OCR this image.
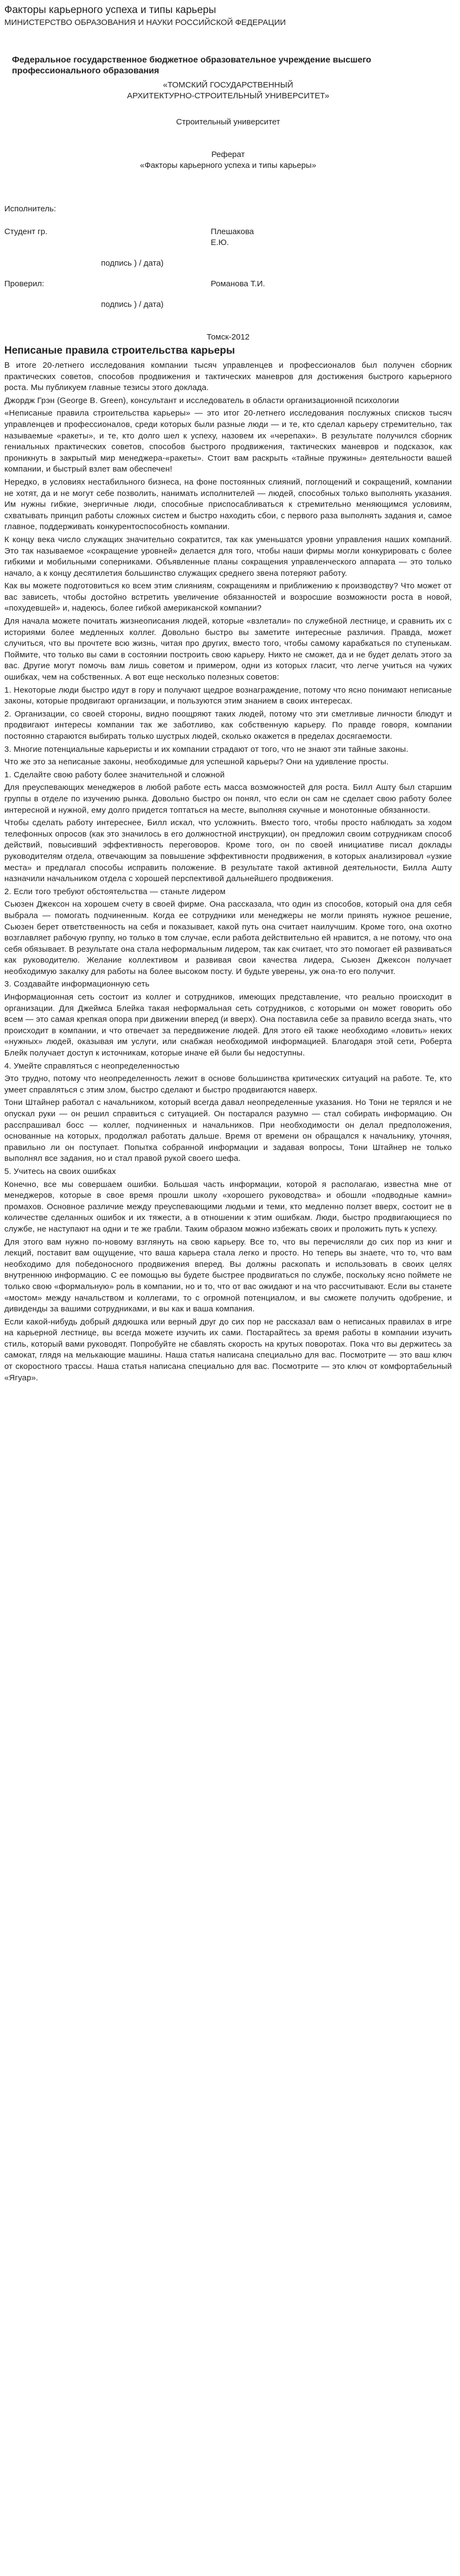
Факторы карьерного успеха и типы карьеры

МИНИСТЕРСТВО ОБРАЗОВАНИЯ И НАУКИ РОССИЙСКОЙ ФЕДЕРАЦИИ

Федеральное государственное бюджетное образовательное учреждение высшего профессионального образования

«ТОМСКИЙ ГОСУДАРСТВЕННЫЙ

АРХИТЕКТУРНО-СТРОИТЕЛЬНЫЙ УНИВЕРСИТЕТ»

Строительный университет

Реферат

«Факторы карьерного успеха и типы карьеры»

Исполнитель:
Студент гр.	Плешакова
Е.Ю.

подпись ) / дата)

Проверил:	Романова Т.И.

подпись ) / дата)

Томск-2012

Неписаные правила строительства карьеры

В итоге 20-летнего исследования компании тысяч управленцев и профессионалов был получен сборник практических советов, способов продвижения и тактических маневров для достижения быстрого карьерного роста. Мы публикуем главные тезисы этого доклада.

Джордж Грэн (George B. Green), консультант и исследователь в области организационной психологии

«Неписаные правила строительства карьеры» — это итог 20-летнего исследования послужных списков тысяч управленцев и профессионалов, среди которых были разные люди — и те, кто сделал карьеру стремительно, так называемые «ракеты», и те, кто долго шел к успеху, назовем их «черепахи». В результате получился сборник гениальных практических советов, способов быстрого продвижения, тактических маневров и подсказок, как проникнуть в закрытый мир менеджера-«ракеты». Стоит вам раскрыть «тайные пружины» деятельности вашей компании, и быстрый взлет вам обеспечен!

Нередко, в условиях нестабильного бизнеса, на фоне постоянных слияний, поглощений и сокращений, компании не хотят, да и не могут себе позволить, нанимать исполнителей — людей, способных только выполнять указания. Им нужны гибкие, энергичные люди, способные приспосабливаться к стремительно меняющимся условиям, схватывать принцип работы сложных систем и быстро находить сбои, с первого раза выполнять задания и, самое главное, поддерживать конкурентоспособность компании.

К концу века число служащих значительно сократится, так как уменьшатся уровни управления наших компаний. Это так называемое «сокращение уровней» делается для того, чтобы наши фирмы могли конкурировать с более гибкими и мобильными соперниками. Объявленные планы сокращения управленческого аппарата — это только начало, а к концу десятилетия большинство служащих среднего звена потеряют работу.

Как вы можете подготовиться ко всем этим слияниям, сокращениям и приближению к производству? Что может от вас зависеть, чтобы достойно встретить увеличение обязанностей и возросшие возможности роста в новой, «похудевшей» и, надеюсь, более гибкой американской компании?

Для начала можете почитать жизнеописания людей, которые «взлетали» по служебной лестнице, и сравнить их с историями более медленных коллег. Довольно быстро вы заметите интересные различия. Правда, может случиться, что вы прочтете всю жизнь, читая про других, вместо того, чтобы самому карабкаться по ступенькам. Поймите, что только вы сами в состоянии построить свою карьеру. Никто не сможет, да и не будет делать этого за вас. Другие могут помочь вам лишь советом и примером, одни из которых гласит, что легче учиться на чужих ошибках, чем на собственных. А вот еще несколько полезных советов:

1. Некоторые люди быстро идут в гору и получают щедрое вознаграждение, потому что ясно понимают неписаные законы, которые продвигают организации, и пользуются этим знанием в своих интересах.

2. Организации, со своей стороны, видно поощряют таких людей, потому что эти сметливые личности блюдут и продвигают интересы компании так же заботливо, как собственную карьеру. По правде говоря, компании постоянно стараются выбирать только шустрых людей, сколько окажется в пределах досягаемости.

3. Многие потенциальные карьеристы и их компании страдают от того, что не знают эти тайные законы.

Что же это за неписаные законы, необходимые для успешной карьеры? Они на удивление просты.

1. Сделайте свою работу более значительной и сложной

Для преуспевающих менеджеров в любой работе есть масса возможностей для роста. Билл Ашту был старшим группы в отделе по изучению рынка. Довольно быстро он понял, что если он сам не сделает свою работу более интересной и нужной, ему долго придется топтаться на месте, выполняя скучные и монотонные обязанности.

Чтобы сделать работу интереснее, Билл искал, что усложнить. Вместо того, чтобы просто наблюдать за ходом телефонных опросов (как это значилось в его должностной инструкции), он предложил своим сотрудникам способ действий, повысивший эффективность переговоров. Кроме того, он по своей инициативе писал доклады руководителям отдела, отвечающим за повышение эффективности продвижения, в которых анализировал «узкие места» и предлагал способы исправить положение. В результате такой активной деятельности, Билла Ашту назначили начальником отдела с хорошей перспективой дальнейшего продвижения.

2. Если того требуют обстоятельства — станьте лидером

Сьюзен Джексон на хорошем счету в своей фирме. Она рассказала, что один из способов, который она для себя выбрала — помогать подчиненным. Когда ее сотрудники или менеджеры не могли принять нужное решение, Сьюзен берет ответственность на себя и показывает, какой путь она считает наилучшим. Кроме того, она охотно возглавляет рабочую группу, но только в том случае, если работа действительно ей нравится, а не потому, что она себя обязывает. В результате она стала неформальным лидером, так как считает, что это помогает ей развиваться как руководителю. Желание коллективом и развивая свои качества лидера, Сьюзен Джексон получает необходимую закалку для работы на более высоком посту. И будьте уверены, уж она-то его получит.

3. Создавайте информационную сеть

Информационная сеть состоит из коллег и сотрудников, имеющих представление, что реально происходит в организации. Для Джеймса Блейка такая неформальная сеть сотрудников, с которыми он может говорить обо всем — это самая крепкая опора при движении вперед (и вверх). Она поставила себе за правило всегда знать, что происходит в компании, и что отвечает за передвижение людей. Для этого ей также необходимо «ловить» неких «нужных» людей, оказывая им услуги, или снабжая необходимой информацией. Благодаря этой сети, Роберта Блейк получает доступ к источникам, которые иначе ей были бы недоступны.

4. Умейте справляться с неопределенностью

Это трудно, потому что неопределенность лежит в основе большинства критических ситуаций на работе. Те, кто умеет справляться с этим злом, быстро сделают и быстро продвигаются наверх.

Тони Штайнер работал с начальником, который всегда давал неопределенные указания. Но Тони не терялся и не опускал руки — он решил справиться с ситуацией. Он постарался разумно — стал собирать информацию. Он расспрашивал босс — коллег, подчиненных и начальников. При необходимости он делал предположения, основанные на которых, продолжал работать дальше. Время от времени он обращался к начальнику, уточняя, правильно ли он поступает. Попытка собранной информации и задавая вопросы, Тони Штайнер не только выполнял все задания, но и стал правой рукой своего шефа.

5. Учитесь на своих ошибках

Конечно, все мы совершаем ошибки. Большая часть информации, которой я располагаю, известна мне от менеджеров, которые в свое время прошли школу «хорошего руководства» и обошли «подводные камни» промахов. Основное различие между преуспевающими людьми и теми, кто медленно ползет вверх, состоит не в количестве сделанных ошибок и их тяжести, а в отношении к этим ошибкам. Люди, быстро продвигающиеся по службе, не наступают на одни и те же грабли. Таким образом можно избежать своих и проложить путь к успеху.

Для этого вам нужно по-новому взглянуть на свою карьеру. Все то, что вы перечисляли до сих пор из книг и лекций, поставит вам ощущение, что ваша карьера стала легко и просто. Но теперь вы знаете, что то, что вам необходимо для победоносного продвижения вперед. Вы должны раскопать и использовать в своих целях внутреннюю информацию. С ее помощью вы будете быстрее продвигаться по службе, поскольку ясно поймете не только свою «формальную» роль в компании, но и то, что от вас ожидают и на что рассчитывают. Если вы станете «мостом» между начальством и коллегами, то с огромной потенциалом, и вы сможете получить одобрение, и дивиденды за вашими сотрудниками, и вы как и ваша компания.

Если какой-нибудь добрый дядюшка или верный друг до сих пор не рассказал вам о неписаных правилах в игре на карьерной лестнице, вы всегда можете изучить их сами. Постарайтесь за время работы в компании изучить стиль, который вами руководят. Попробуйте не сбавлять скорость на крутых поворотах. Пока что вы держитесь за самокат, глядя на мелькающие машины. Наша статья написана специально для вас. Посмотрите — это ваш ключ от скоростного трассы. Наша статья написана специально для вас. Посмотрите — это ключ от комфортабельный «Ягуар».
